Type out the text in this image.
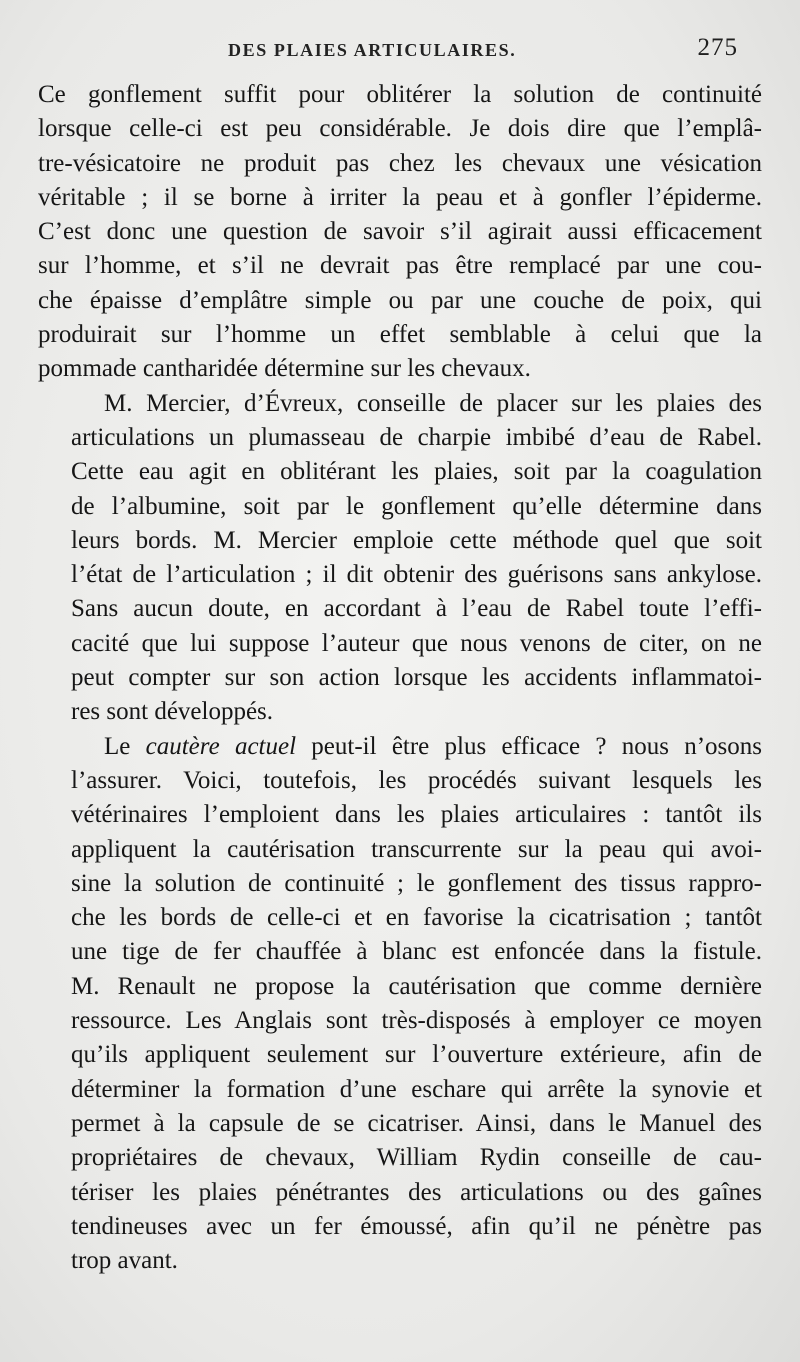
DES PLAIES ARTICULAIRES.	275
Ce gonflement suffit pour oblitérer la solution de continuité
lorsque celle-ci est peu considérable. Je dois dire que l’emplâ-
tre-vésicatoire ne produit pas chez les chevaux une vésication
véritable ; il se borne à irriter la peau et à gonfler l’épiderme.
C’est donc une question de savoir s’il agirait aussi efficacement
sur l’homme, et s’il ne devrait pas être remplacé par une cou-
che épaisse d’emplâtre simple ou par une couche de poix, qui
produirait sur l’homme un effet semblable à celui que la
pommade cantharidée détermine sur les chevaux.
M. Mercier, d’Évreux, conseille de placer sur les plaies des
articulations un plumasseau de charpie imbibé d’eau de Rabel.
Cette eau agit en oblitérant les plaies, soit par la coagulation
de l’albumine, soit par le gonflement qu’elle détermine dans
leurs bords. M. Mercier emploie cette méthode quel que soit
l’état de l’articulation ; il dit obtenir des guérisons sans ankylose.
Sans aucun doute, en accordant à l’eau de Rabel toute l’effi-
cacité que lui suppose l’auteur que nous venons de citer, on ne
peut compter sur son action lorsque les accidents inflammatoi-
res sont développés.
Le cautère actuel peut-il être plus efficace ? nous n’osons
l’assurer. Voici, toutefois, les procédés suivant lesquels les
vétérinaires l’emploient dans les plaies articulaires : tantôt ils
appliquent la cautérisation transcurrente sur la peau qui avoi-
sine la solution de continuité ; le gonflement des tissus rappro-
che les bords de celle-ci et en favorise la cicatrisation ; tantôt
une tige de fer chauffée à blanc est enfoncée dans la fistule.
M. Renault ne propose la cautérisation que comme dernière
ressource. Les Anglais sont très-disposés à employer ce moyen
qu’ils appliquent seulement sur l’ouverture extérieure, afin de
déterminer la formation d’une eschare qui arrête la synovie et
permet à la capsule de se cicatriser. Ainsi, dans le Manuel des
propriétaires de chevaux, William Rydin conseille de cau-
tériser les plaies pénétrantes des articulations ou des gaînes
tendineuses avec un fer émoussé, afin qu’il ne pénètre pas
trop avant.
